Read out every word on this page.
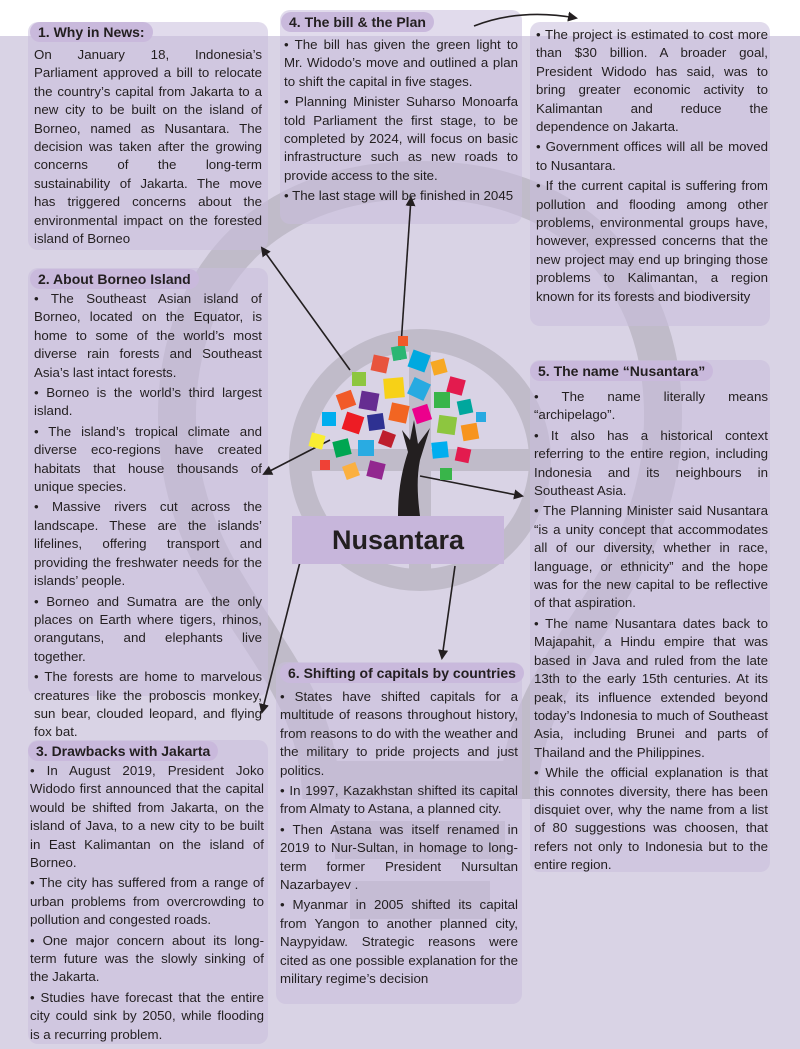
1. Why in News:
2. About Borneo Island
3. Drawbacks with Jakarta
4. The bill & the Plan
5. The name “Nusantara”
6. Shifting of capitals by countries

On January 18, Indonesia’s Parliament approved a bill to relocate the country’s capital from Jakarta to a new city to be built on the island of Borneo, named as Nusantara. The decision was taken after the growing concerns of the long-term sustainability of Jakarta. The move has triggered concerns about the environmental impact on the forested island of Borneo

• The Southeast Asian island of Borneo, located on the Equator, is home to some of the world’s most diverse rain forests and Southeast Asia’s last intact forests.

• Borneo is the world’s third largest island.

• The island’s tropical climate and diverse eco-regions have created habitats that house thousands of unique species.

• Massive rivers cut across the landscape. These are the islands’ lifelines, offering transport and providing the freshwater needs for the islands’ people.

• Borneo and Sumatra are the only places on Earth where tigers, rhinos, orangutans, and elephants live together.

• The forests are home to marvelous creatures like the proboscis monkey, sun bear, clouded leopard, and flying fox bat.

• In August 2019, President Joko Widodo first announced that the capital would be shifted from Jakarta, on the island of Java, to a new city to be built in East Kalimantan on the island of Borneo.

• The city has suffered from a range of urban problems from overcrowding to pollution and congested roads.

• One major concern about its long-term future was the slowly sinking of the Jakarta.

• Studies have forecast that the entire city could sink by 2050, while flooding is a recurring problem.

• The bill has given the green light to Mr. Widodo’s move and outlined a plan to shift the capital in five stages.

• Planning Minister Suharso Monoarfa told Parliament the first stage, to be completed by 2024, will focus on basic infrastructure such as new roads to provide access to the site.

• The last stage will be finished in 2045

• The project is estimated to cost more than $30 billion. A broader goal, President Widodo has said, was to bring greater economic activity to Kalimantan and reduce the dependence on Jakarta.

• Government offices will all be moved to Nusantara.

• If the current capital is suffering from pollution and flooding among other problems, environmental groups have, however, expressed concerns that the new project may end up bringing those problems to Kalimantan, a region known for its forests and biodiversity

• The name literally means “archipelago”.

• It also has a historical context referring to the entire region, including Indonesia and its neighbours in Southeast Asia.

• The Planning Minister said Nusantara “is a unity concept that accommodates all of our diversity, whether in race, language, or ethnicity” and the hope was for the new capital to be reflective of that aspiration.

• The name Nusantara dates back to Majapahit, a Hindu empire that was based in Java and ruled from the late 13th to the early 15th centuries. At its peak, its influence extended beyond today’s Indonesia to much of Southeast Asia, including Brunei and parts of Thailand and the Philippines.

• While the official explanation is that this connotes diversity, there has been disquiet over, why the name from a list of 80 suggestions was choosen, that refers not only to Indonesia but to the entire region.

• States have shifted capitals for a multitude of reasons throughout history, from reasons to do with the weather and the military to pride projects and just politics.

• In 1997, Kazakhstan shifted its capital from Almaty to Astana, a planned city.

• Then Astana was itself renamed in 2019 to Nur-Sultan, in homage to long-term former President Nursultan Nazarbayev .

• Myanmar in 2005 shifted its capital from Yangon to another planned city, Naypyidaw. Strategic reasons were cited as one possible explanation for the military regime’s decision

Nusantara
